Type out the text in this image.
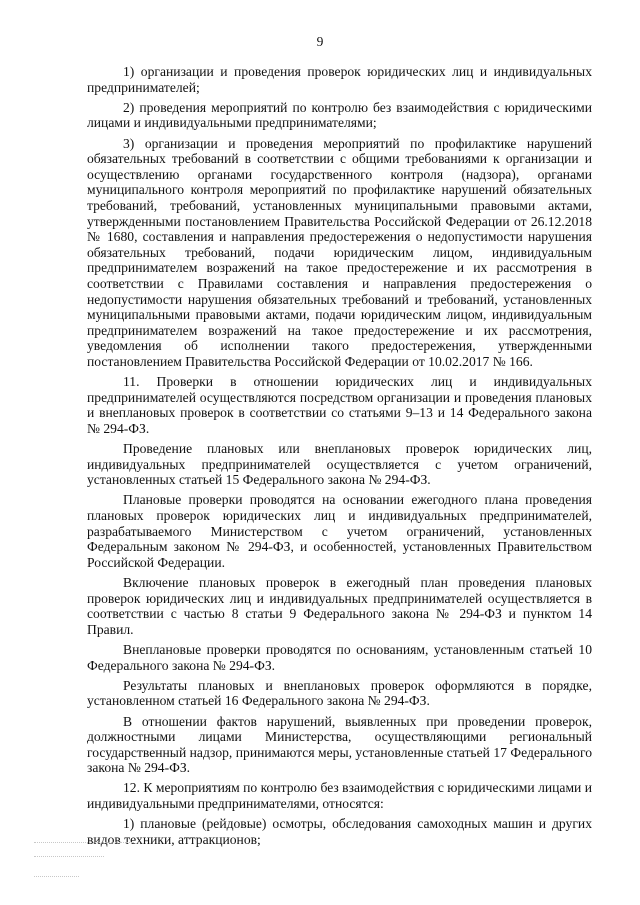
9

1) организации и проведения проверок юридических лиц и индивидуальных предпринимателей;

2) проведения мероприятий по контролю без взаимодействия с юридическими лицами и индивидуальными предпринимателями;

3) организации и проведения мероприятий по профилактике нарушений обязательных требований в соответствии с общими требованиями к организации и осуществлению органами государственного контроля (надзора), органами муниципального контроля мероприятий по профилактике нарушений обязательных требований, требований, установленных муниципальными правовыми актами, утвержденными постановлением Правительства Российской Федерации от 26.12.2018 № 1680, составления и направления предостережения о недопустимости нарушения обязательных требований, подачи юридическим лицом, индивидуальным предпринимателем возражений на такое предостережение и их рассмотрения в соответствии с Правилами составления и направления предостережения о недопустимости нарушения обязательных требований и требований, установленных муниципальными правовыми актами, подачи юридическим лицом, индивидуальным предпринимателем возражений на такое предостережение и их рассмотрения, уведомления об исполнении такого предостережения, утвержденными постановлением Правительства Российской Федерации от 10.02.2017 № 166.

11. Проверки в отношении юридических лиц и индивидуальных предпринимателей осуществляются посредством организации и проведения плановых и внеплановых проверок в соответствии со статьями 9–13 и 14 Федерального закона № 294-ФЗ.

Проведение плановых или внеплановых проверок юридических лиц, индивидуальных предпринимателей осуществляется с учетом ограничений, установленных статьей 15 Федерального закона № 294-ФЗ.

Плановые проверки проводятся на основании ежегодного плана проведения плановых проверок юридических лиц и индивидуальных предпринимателей, разрабатываемого Министерством с учетом ограничений, установленных Федеральным законом № 294-ФЗ, и особенностей, установленных Правительством Российской Федерации.

Включение плановых проверок в ежегодный план проведения плановых проверок юридических лиц и индивидуальных предпринимателей осуществляется в соответствии с частью 8 статьи 9 Федерального закона № 294-ФЗ и пунктом 14 Правил.

Внеплановые проверки проводятся по основаниям, установленным статьей 10 Федерального закона № 294-ФЗ.

Результаты плановых и внеплановых проверок оформляются в порядке, установленном статьей 16 Федерального закона № 294-ФЗ.

В отношении фактов нарушений, выявленных при проведении проверок, должностными лицами Министерства, осуществляющими региональный государственный надзор, принимаются меры, установленные статьей 17 Федерального закона № 294-ФЗ.

12. К мероприятиям по контролю без взаимодействия с юридическими лицами и индивидуальными предпринимателями, относятся:

1) плановые (рейдовые) осмотры, обследования самоходных машин и других видов техники, аттракционов;
